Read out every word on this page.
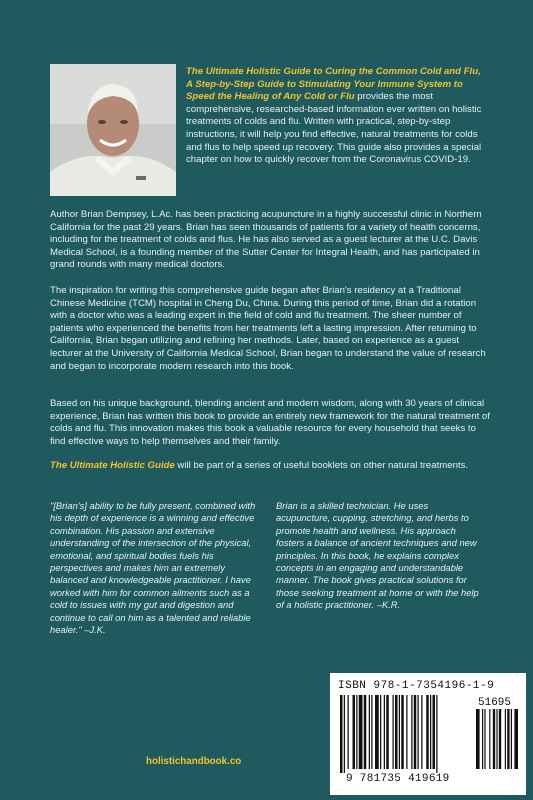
The Ultimate Holistic Guide to Curing the Common Cold and Flu, A Step-by-Step Guide to Stimulating Your Immune System to Speed the Healing of Any Cold or Flu provides the most comprehensive, researched-based information ever written on holistic treatments of colds and flu. Written with practical, step-by-step instructions, it will help you find effective, natural treatments for colds and flus to help speed up recovery. This guide also provides a special chapter on how to quickly recover from the Coronavirus COVID-19.
Author Brian Dempsey, L.Ac. has been practicing acupuncture in a highly successful clinic in Northern California for the past 29 years. Brian has seen thousands of patients for a variety of health concerns, including for the treatment of colds and flus. He has also served as a guest lecturer at the U.C. Davis Medical School, is a founding member of the Sutter Center for Integral Health, and has participated in grand rounds with many medical doctors.
The inspiration for writing this comprehensive guide began after Brian's residency at a Traditional Chinese Medicine (TCM) hospital in Cheng Du, China. During this period of time, Brian did a rotation with a doctor who was a leading expert in the field of cold and flu treatment. The sheer number of patients who experienced the benefits from her treatments left a lasting impression. After returning to California, Brian began utilizing and refining her methods. Later, based on experience as a guest lecturer at the University of California Medical School, Brian began to understand the value of research and began to incorporate modern research into this book.
Based on his unique background, blending ancient and modern wisdom, along with 30 years of clinical experience, Brian has written this book to provide an entirely new framework for the natural treatment of colds and flu. This innovation makes this book a valuable resource for every household that seeks to find effective ways to help themselves and their family.
The Ultimate Holistic Guide will be part of a series of useful booklets on other natural treatments.
"[Brian's] ability to be fully present, combined with his depth of experience is a winning and effective combination. His passion and extensive understanding of the intersection of the physical, emotional, and spiritual bodies fuels his perspectives and makes him an extremely balanced and knowledgeable practitioner. I have worked with him for common ailments such as a cold to issues with my gut and digestion and continue to call on him as a talented and reliable healer." –J.K.
Brian is a skilled technician. He uses acupuncture, cupping, stretching, and herbs to promote health and wellness. His approach fosters a balance of ancient techniques and new principles. In this book, he explains complex concepts in an engaging and understandable manner. The book gives practical solutions for those seeking treatment at home or with the help of a holistic practitioner. –K.R.
ISBN 978-1-7354196-1-9
51695
9 781735 419619
holistichandbook.co
